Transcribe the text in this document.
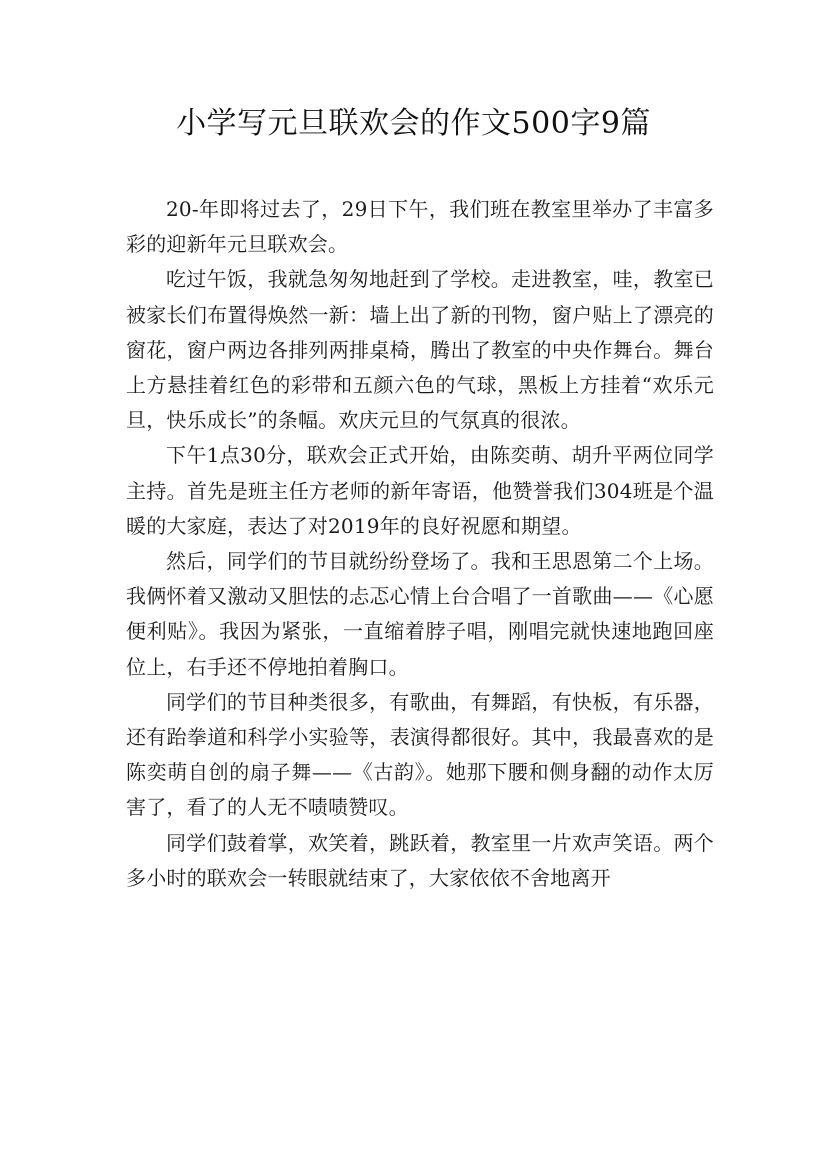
小学写元旦联欢会的作文500字9篇

20-年即将过去了，29日下午，我们班在教室里举办了丰富多彩的迎新年元旦联欢会。

吃过午饭，我就急匆匆地赶到了学校。走进教室，哇，教室已被家长们布置得焕然一新：墙上出了新的刊物，窗户贴上了漂亮的窗花，窗户两边各排列两排桌椅，腾出了教室的中央作舞台。舞台上方悬挂着红色的彩带和五颜六色的气球，黑板上方挂着“欢乐元旦，快乐成长”的条幅。欢庆元旦的气氛真的很浓。

下午1点30分，联欢会正式开始，由陈奕萌、胡升平两位同学主持。首先是班主任方老师的新年寄语，他赞誉我们304班是个温暖的大家庭，表达了对2019年的良好祝愿和期望。

然后，同学们的节目就纷纷登场了。我和王思恩第二个上场。我俩怀着又激动又胆怯的忐忑心情上台合唱了一首歌曲——《心愿便利贴》。我因为紧张，一直缩着脖子唱，刚唱完就快速地跑回座位上，右手还不停地拍着胸口。

同学们的节目种类很多，有歌曲，有舞蹈，有快板，有乐器，还有跆拳道和科学小实验等，表演得都很好。其中，我最喜欢的是陈奕萌自创的扇子舞——《古韵》。她那下腰和侧身翻的动作太厉害了，看了的人无不啧啧赞叹。

同学们鼓着掌，欢笑着，跳跃着，教室里一片欢声笑语。两个多小时的联欢会一转眼就结束了，大家依依不舍地离开
